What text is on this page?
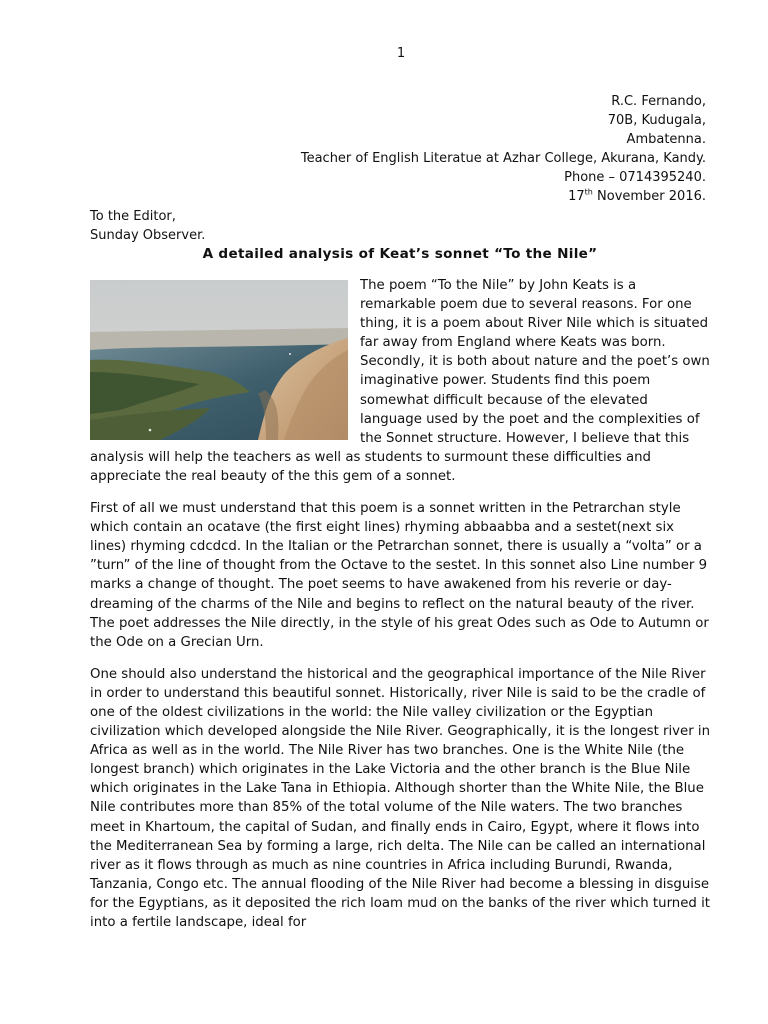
1
R.C. Fernando,
70B, Kudugala,
Ambatenna.
Teacher of English Literatue at Azhar College, Akurana, Kandy.
Phone – 0714395240.
17th November 2016.
To the Editor,
Sunday Observer.
A detailed analysis of Keat’s sonnet “To the Nile”

The poem “To the Nile” by John Keats is a remarkable poem due to several reasons. For one thing, it is a poem about River Nile which is situated far away from England where Keats was born. Secondly, it is both about nature and the poet’s own imaginative power. Students find this poem somewhat difficult because of the elevated language used by the poet and the complexities of the Sonnet structure. However, I believe that this analysis will help the teachers as well as students to surmount these difficulties and appreciate the real beauty of the this gem of a sonnet.

First of all we must understand that this poem is a sonnet written in the Petrarchan style which contain an ocatave (the first eight lines) rhyming abbaabba and a sestet(next six lines) rhyming cdcdcd. In the Italian or the Petrarchan sonnet, there is usually a “volta” or a ”turn” of the line of thought from the Octave to the sestet. In this sonnet also Line number 9 marks a change of thought. The poet seems to have awakened from his reverie or day-dreaming of the charms of the Nile and begins to reflect on the natural beauty of the river. The poet addresses the Nile directly, in the style of his great Odes such as Ode to Autumn or the Ode on a Grecian Urn.

One should also understand the historical and the geographical importance of the Nile River in order to understand this beautiful sonnet. Historically, river Nile is said to be the cradle of one of the oldest civilizations in the world: the Nile valley civilization or the Egyptian civilization which developed alongside the Nile River. Geographically, it is the longest river in Africa as well as in the world. The Nile River has two branches. One is the White Nile (the longest branch) which originates in the Lake Victoria and the other branch is the Blue Nile which originates in the Lake Tana in Ethiopia. Although shorter than the White Nile, the Blue Nile contributes more than 85% of the total volume of the Nile waters. The two branches meet in Khartoum, the capital of Sudan, and finally ends in Cairo, Egypt, where it flows into the Mediterranean Sea by forming a large, rich delta. The Nile can be called an international river as it flows through as much as nine countries in Africa including Burundi, Rwanda, Tanzania, Congo etc. The annual flooding of the Nile River had become a blessing in disguise for the Egyptians, as it deposited the rich loam mud on the banks of the river which turned it into a fertile landscape, ideal for
